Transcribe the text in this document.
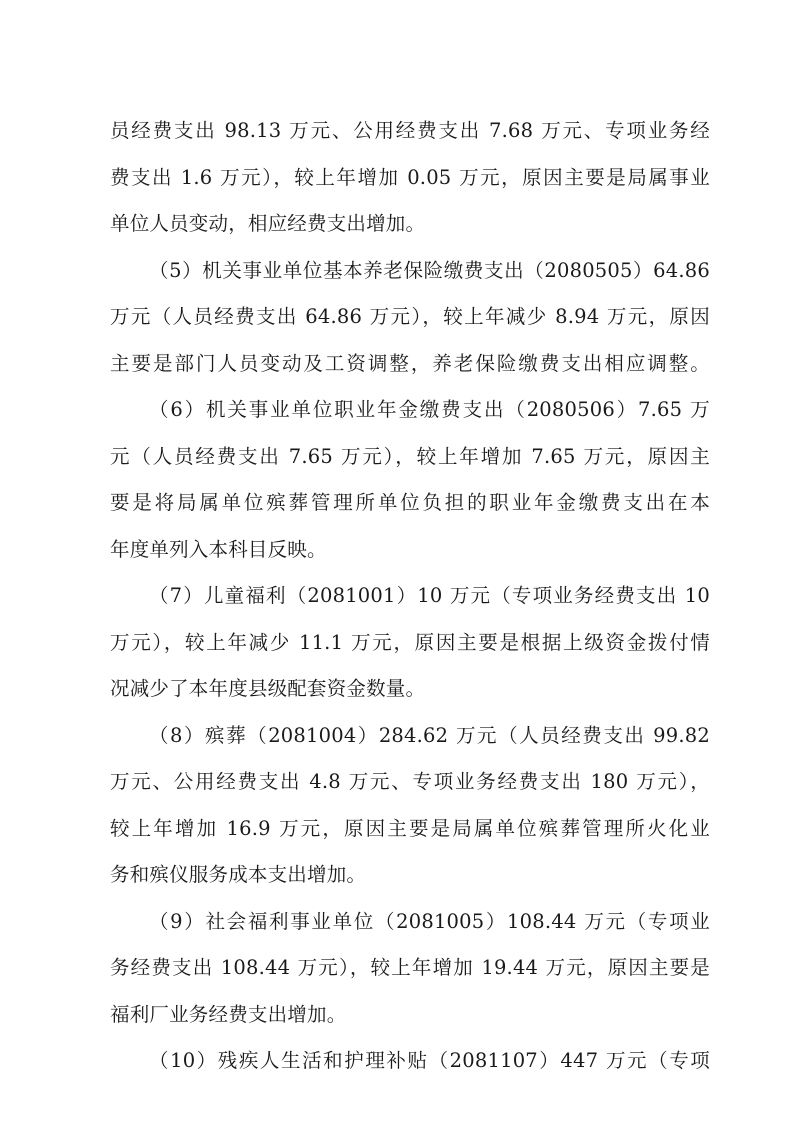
员经费支出 98.13 万元、公用经费支出 7.68 万元、专项业务经
费支出 1.6 万元），较上年增加 0.05 万元，原因主要是局属事业
单位人员变动，相应经费支出增加。
（5）机关事业单位基本养老保险缴费支出（2080505）64.86
万元（人员经费支出 64.86 万元），较上年减少 8.94 万元，原因
主要是部门人员变动及工资调整，养老保险缴费支出相应调整。
（6）机关事业单位职业年金缴费支出（2080506）7.65 万
元（人员经费支出 7.65 万元），较上年增加 7.65 万元，原因主
要是将局属单位殡葬管理所单位负担的职业年金缴费支出在本
年度单列入本科目反映。
（7）儿童福利（2081001）10 万元（专项业务经费支出 10
万元），较上年减少 11.1 万元，原因主要是根据上级资金拨付情
况减少了本年度县级配套资金数量。
（8）殡葬（2081004）284.62 万元（人员经费支出 99.82
万元、公用经费支出 4.8 万元、专项业务经费支出 180 万元），
较上年增加 16.9 万元，原因主要是局属单位殡葬管理所火化业
务和殡仪服务成本支出增加。
（9）社会福利事业单位（2081005）108.44 万元（专项业
务经费支出 108.44 万元），较上年增加 19.44 万元，原因主要是
福利厂业务经费支出增加。
（10）残疾人生活和护理补贴（2081107）447 万元（专项
